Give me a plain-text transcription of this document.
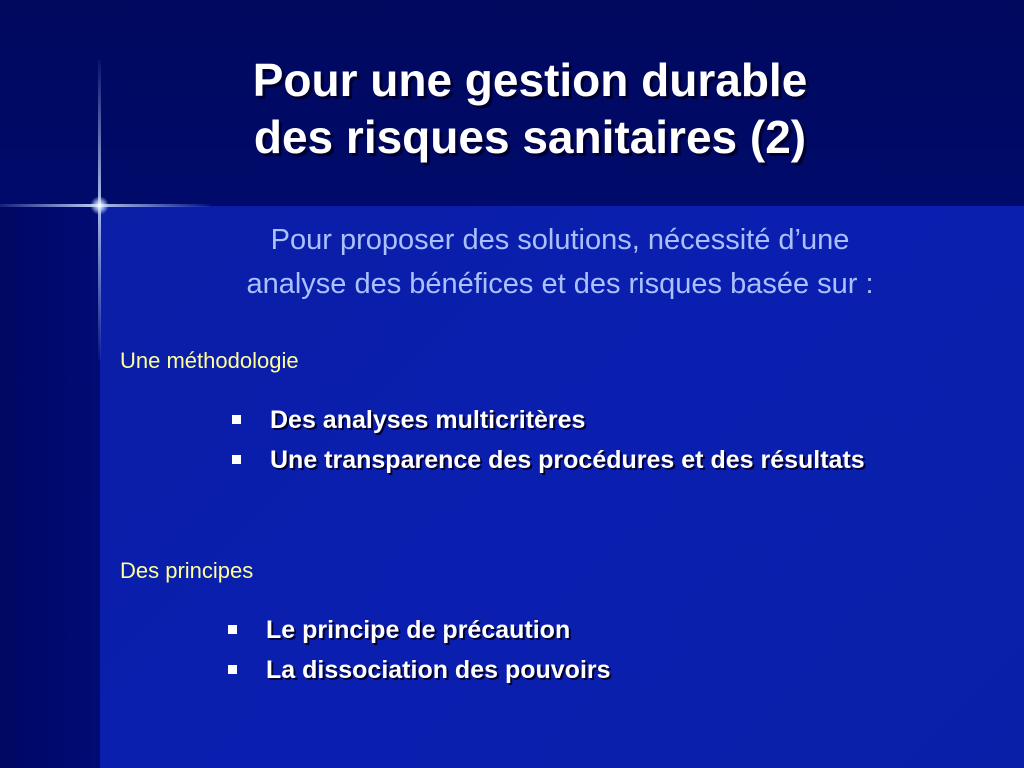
Pour une gestion durable
des risques sanitaires (2)
Pour proposer des solutions, nécessité d’une
analyse des bénéfices et des risques basée sur :
Une méthodologie
Des analyses multicritères
Une transparence des procédures et des résultats
Des principes
Le principe de précaution
La dissociation des pouvoirs
